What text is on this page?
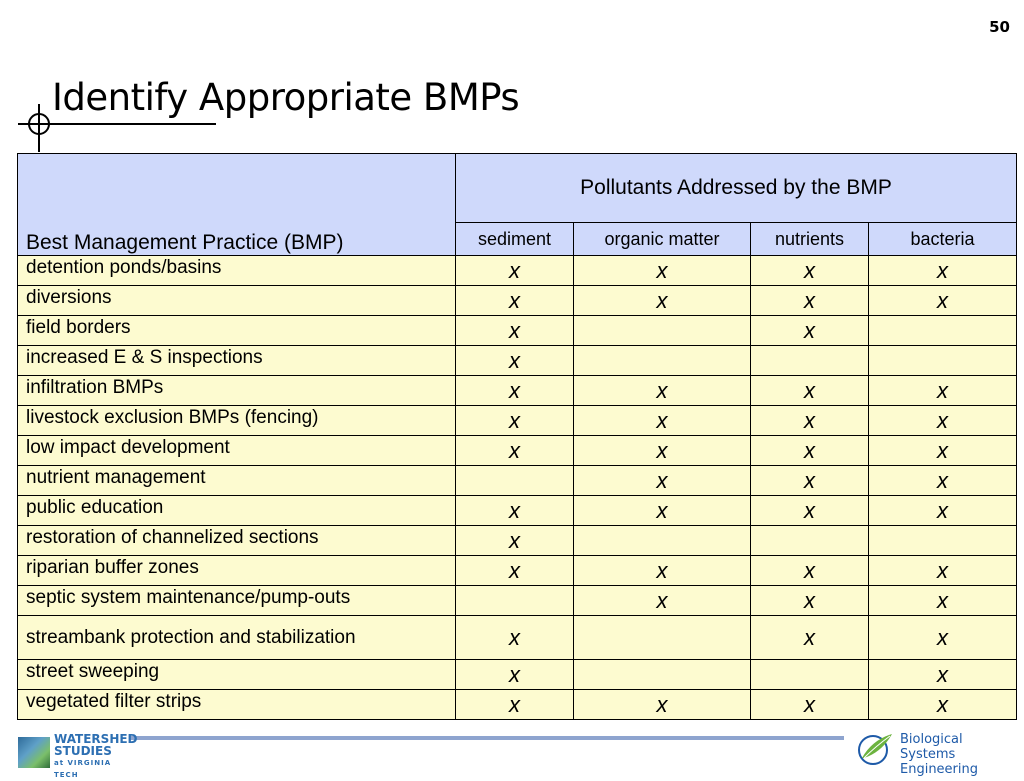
50
Identify Appropriate BMPs
Best Management Practice (BMP)	Pollutants Addressed by the BMP			
	sediment	organic matter	nutrients	bacteria
detention ponds/basins	x	x	x	x
diversions	x	x	x	x
field borders	x		x	
increased E & S inspections	x			
infiltration BMPs	x	x	x	x
livestock exclusion BMPs (fencing)	x	x	x	x
low impact development	x	x	x	x
nutrient management		x	x	x
public education	x	x	x	x
restoration of channelized sections	x			
riparian buffer zones	x	x	x	x
septic system maintenance/pump-outs		x	x	x
streambank protection and stabilization	x		x	x
street sweeping	x			x
vegetated filter strips	x	x	x	x
WATERSHED
STUDIES
at VIRGINIA TECH
Biological Systems
Engineering
